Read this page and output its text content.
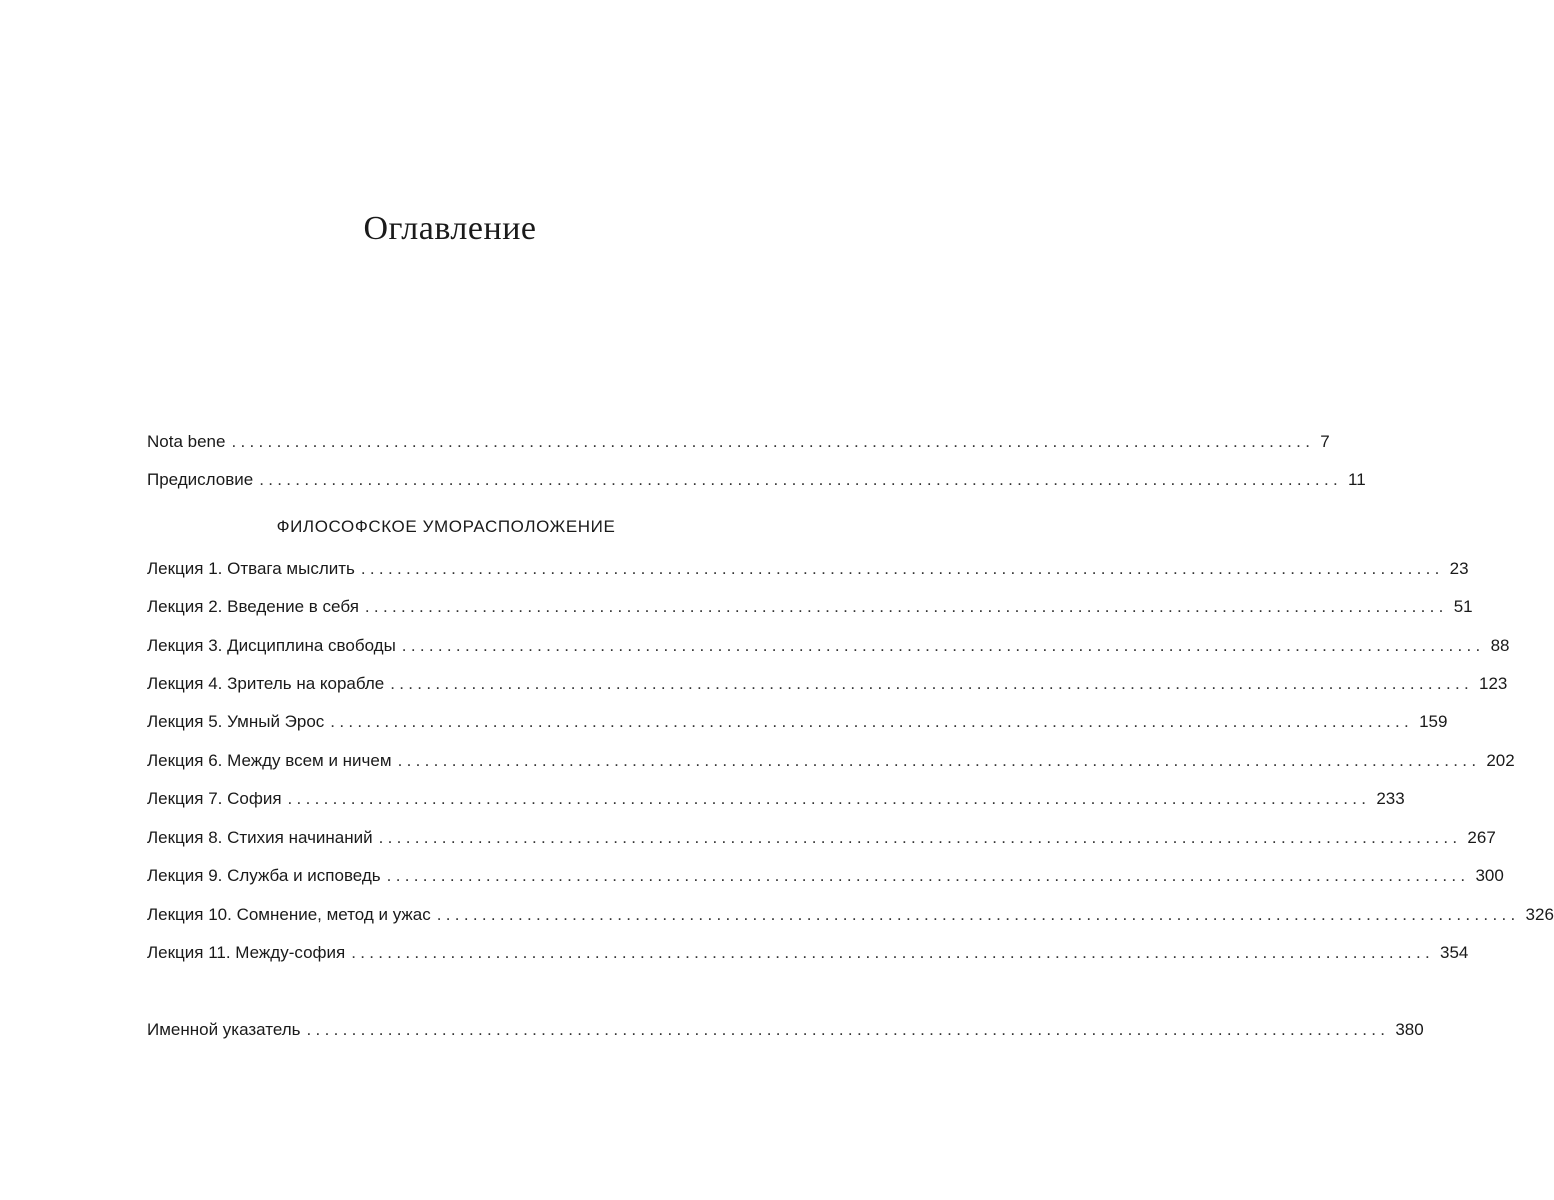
Оглавление
Nota bene ........................................................................................................................ 7
Предисловие ........................................................................................................................ 11
ФИЛОСОФСКОЕ УМОРАСПОЛОЖЕНИЕ
Лекция 1. Отвага мыслить ........................................................................................................................ 23
Лекция 2. Введение в себя ........................................................................................................................ 51
Лекция 3. Дисциплина свободы ........................................................................................................................ 88
Лекция 4. Зритель на корабле ........................................................................................................................ 123
Лекция 5. Умный Эрос ........................................................................................................................ 159
Лекция 6. Между всем и ничем ........................................................................................................................ 202
Лекция 7. София ........................................................................................................................ 233
Лекция 8. Стихия начинаний ........................................................................................................................ 267
Лекция 9. Служба и исповедь ........................................................................................................................ 300
Лекция 10. Сомнение, метод и ужас ........................................................................................................................ 326
Лекция 11. Между-софия ........................................................................................................................ 354
Именной указатель ........................................................................................................................ 380
